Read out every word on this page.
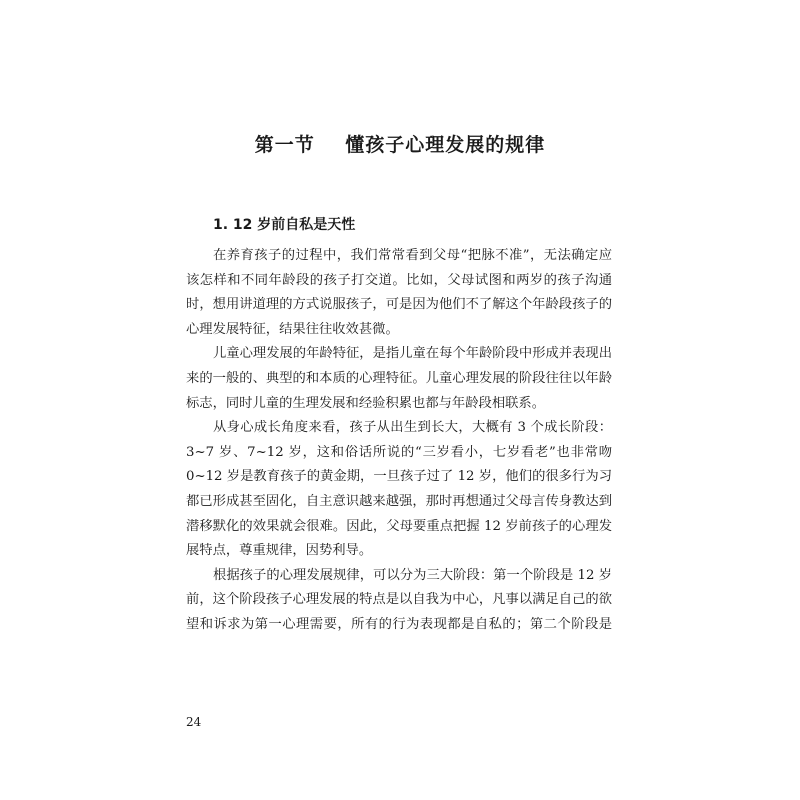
第一节    懂孩子心理发展的规律
1. 12 岁前自私是天性
在养育孩子的过程中，我们常常看到父母“把脉不准”，无法确定应
该怎样和不同年龄段的孩子打交道。比如，父母试图和两岁的孩子沟通
时，想用讲道理的方式说服孩子，可是因为他们不了解这个年龄段孩子的
心理发展特征，结果往往收效甚微。
儿童心理发展的年龄特征，是指儿童在每个年龄阶段中形成并表现出
来的一般的、典型的和本质的心理特征。儿童心理发展的阶段往往以年龄
标志，同时儿童的生理发展和经验积累也都与年龄段相联系。
从身心成长角度来看，孩子从出生到长大，大概有 3 个成长阶段：
3~7 岁、7~12 岁，这和俗话所说的“三岁看小，七岁看老”也非常吻
0~12 岁是教育孩子的黄金期，一旦孩子过了 12 岁，他们的很多行为习
都已形成甚至固化，自主意识越来越强，那时再想通过父母言传身教达到
潜移默化的效果就会很难。因此，父母要重点把握 12 岁前孩子的心理发
展特点，尊重规律，因势利导。
根据孩子的心理发展规律，可以分为三大阶段：第一个阶段是 12 岁
前，这个阶段孩子心理发展的特点是以自我为中心，凡事以满足自己的欲
望和诉求为第一心理需要，所有的行为表现都是自私的；第二个阶段是

24
